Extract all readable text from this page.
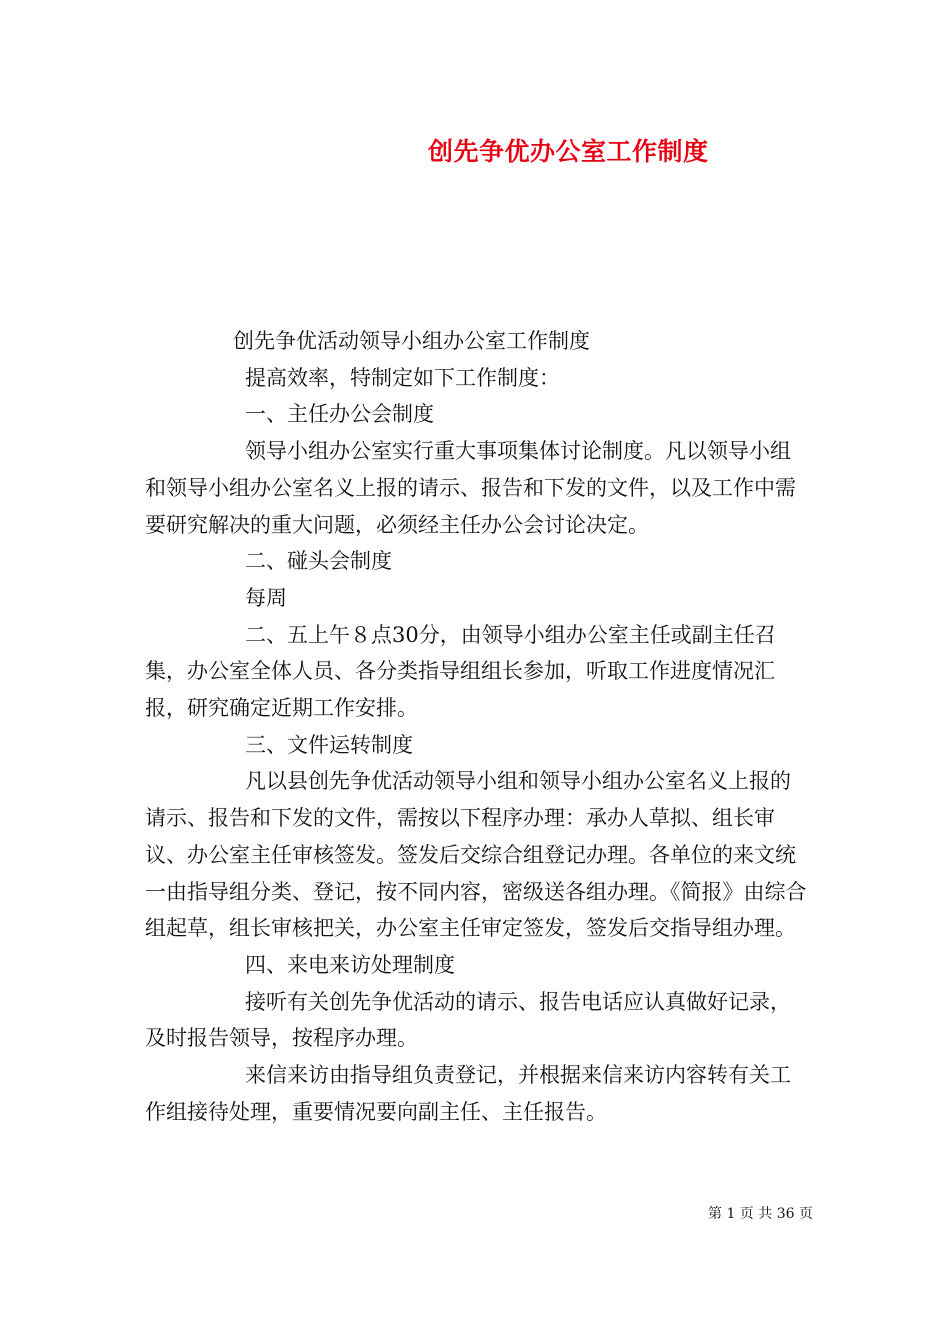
创先争优办公室工作制度

创先争优活动领导小组办公室工作制度

提高效率，特制定如下工作制度：

一、主任办公会制度

领导小组办公室实行重大事项集体讨论制度。凡以领导小组和领导小组办公室名义上报的请示、报告和下发的文件，以及工作中需要研究解决的重大问题，必须经主任办公会讨论决定。

二、碰头会制度

每周

二、五上午８点30分，由领导小组办公室主任或副主任召集，办公室全体人员、各分类指导组组长参加，听取工作进度情况汇报，研究确定近期工作安排。

三、文件运转制度

凡以县创先争优活动领导小组和领导小组办公室名义上报的请示、报告和下发的文件，需按以下程序办理：承办人草拟、组长审议、办公室主任审核签发。签发后交综合组登记办理。各单位的来文统一由指导组分类、登记，按不同内容，密级送各组办理。《简报》由综合组起草，组长审核把关，办公室主任审定签发，签发后交指导组办理。

四、来电来访处理制度

接听有关创先争优活动的请示、报告电话应认真做好记录，及时报告领导，按程序办理。

来信来访由指导组负责登记，并根据来信来访内容转有关工作组接待处理，重要情况要向副主任、主任报告。

第 1 页 共 36 页
